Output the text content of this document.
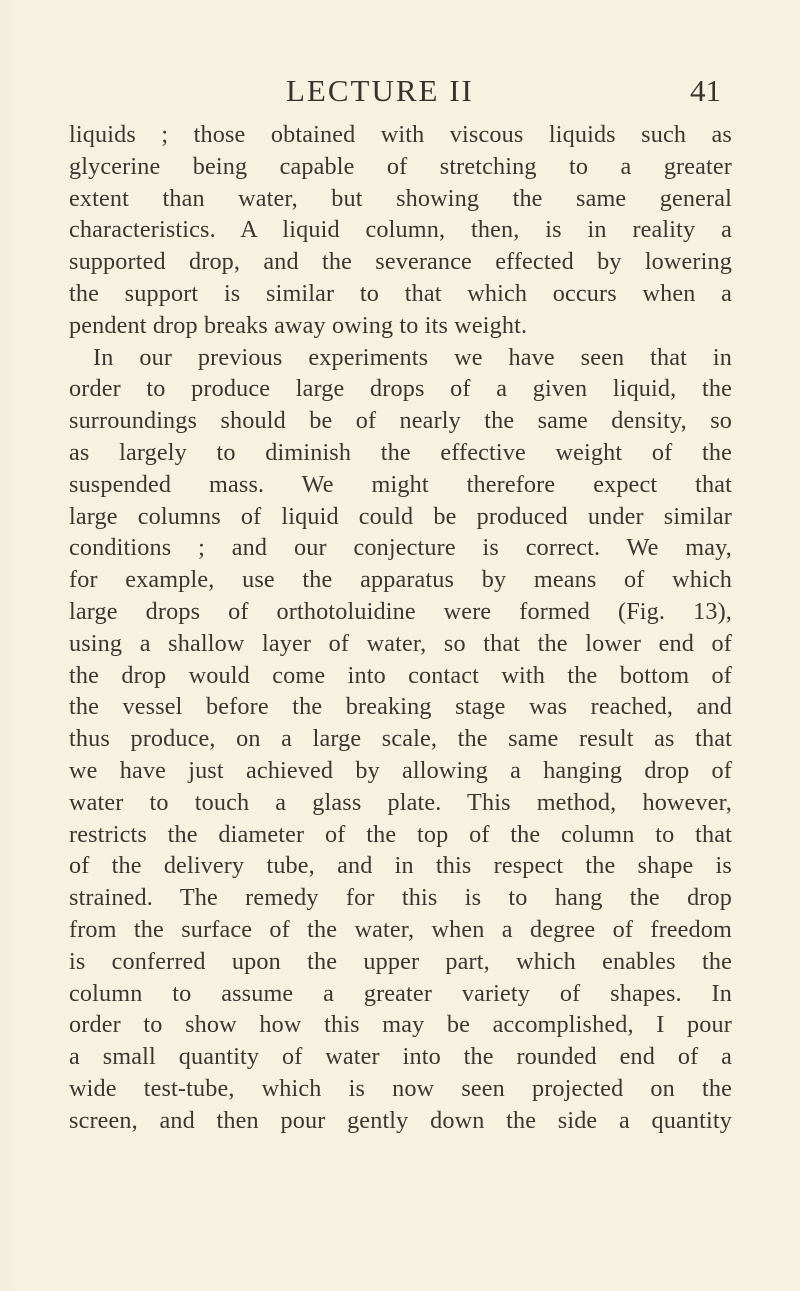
LECTURE II	41
liquids ; those obtained with viscous liquids such as
glycerine being capable of stretching to a greater
extent than water, but showing the same general
characteristics. A liquid column, then, is in reality a
supported drop, and the severance effected by lowering
the support is similar to that which occurs when a
pendent drop breaks away owing to its weight.
In our previous experiments we have seen that in
order to produce large drops of a given liquid, the
surroundings should be of nearly the same density, so
as largely to diminish the effective weight of the
suspended mass. We might therefore expect that
large columns of liquid could be produced under similar
conditions ; and our conjecture is correct. We may,
for example, use the apparatus by means of which
large drops of orthotoluidine were formed (Fig. 13),
using a shallow layer of water, so that the lower end of
the drop would come into contact with the bottom of
the vessel before the breaking stage was reached, and
thus produce, on a large scale, the same result as that
we have just achieved by allowing a hanging drop of
water to touch a glass plate. This method, however,
restricts the diameter of the top of the column to that
of the delivery tube, and in this respect the shape is
strained. The remedy for this is to hang the drop
from the surface of the water, when a degree of freedom
is conferred upon the upper part, which enables the
column to assume a greater variety of shapes. In
order to show how this may be accomplished, I pour
a small quantity of water into the rounded end of a
wide test-tube, which is now seen projected on the
screen, and then pour gently down the side a quantity
